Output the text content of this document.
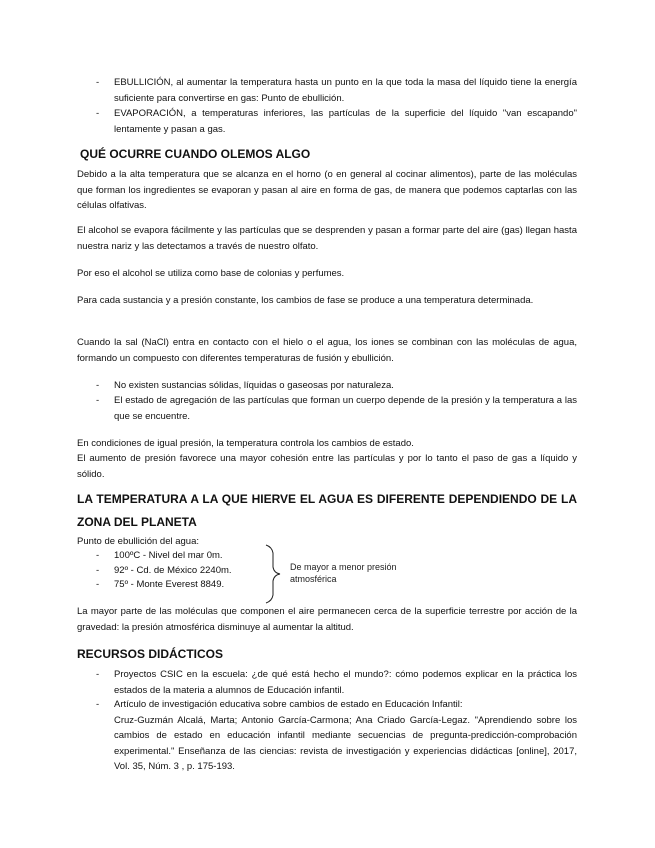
- EBULLICIÓN, al aumentar la temperatura hasta un punto en la que toda la masa del líquido tiene la energía suficiente para convertirse en gas: Punto de ebullición.
- EVAPORACIÓN, a temperaturas inferiores, las partículas de la superficie del líquido "van escapando" lentamente y pasan a gas.
QUÉ OCURRE CUANDO OLEMOS ALGO

Debido a la alta temperatura que se alcanza en el horno (o en general al cocinar alimentos), parte de las moléculas que forman los ingredientes se evaporan y pasan al aire en forma de gas, de manera que podemos captarlas con las células olfativas.

El alcohol se evapora fácilmente y las partículas que se desprenden y pasan a formar parte del aire (gas) llegan hasta nuestra nariz y las detectamos a través de nuestro olfato.

Por eso el alcohol se utiliza como base de colonias y perfumes.

Para cada sustancia y a presión constante, los cambios de fase se produce a una temperatura determinada.

Cuando la sal (NaCl) entra en contacto con el hielo o el agua, los iones se combinan con las moléculas de agua, formando un compuesto con diferentes temperaturas de fusión y ebullición.

- No existen sustancias sólidas, líquidas o gaseosas por naturaleza.
- El estado de agregación de las partículas que forman un cuerpo depende de la presión y la temperatura a las que se encuentre.

En condiciones de igual presión, la temperatura controla los cambios de estado.

El aumento de presión favorece una mayor cohesión entre las partículas y por lo tanto el paso de gas a líquido y sólido.

LA TEMPERATURA A LA QUE HIERVE EL AGUA ES DIFERENTE DEPENDIENDO DE LA ZONA DEL PLANETA

Punto de ebullición del agua:

- 100ºC - Nivel del mar 0m.
- 92º - Cd. de México 2240m.
- 75º - Monte Everest 8849.
De mayor a menor presión atmosférica

La mayor parte de las moléculas que componen el aire permanecen cerca de la superficie terrestre por acción de la gravedad: la presión atmosférica disminuye al aumentar la altitud.

RECURSOS DIDÁCTICOS
- Proyectos CSIC en la escuela: ¿de qué está hecho el mundo?: cómo podemos explicar en la práctica los estados de la materia a alumnos de Educación infantil.
- Artículo de investigación educativa sobre cambios de estado en Educación Infantil:
Cruz-Guzmán Alcalá, Marta; Antonio García-Carmona; Ana Criado García-Legaz. "Aprendiendo sobre los cambios de estado en educación infantil mediante secuencias de pregunta-predicción-comprobación experimental." Enseñanza de las ciencias: revista de investigación y experiencias didácticas [online], 2017, Vol. 35, Núm. 3 , p. 175-193.
